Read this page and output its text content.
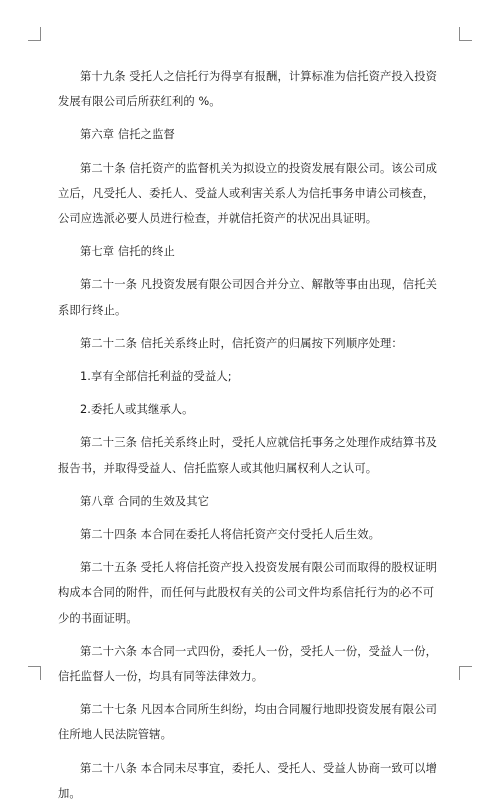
第十九条 受托人之信托行为得享有报酬，计算标准为信托资产投入投资发展有限公司后所获红利的 %。

第六章 信托之监督

第二十条 信托资产的监督机关为拟设立的投资发展有限公司。该公司成立后，凡受托人、委托人、受益人或利害关系人为信托事务申请公司核查，公司应选派必要人员进行检查，并就信托资产的状况出具证明。

第七章 信托的终止

第二十一条 凡投资发展有限公司因合并分立、解散等事由出现，信托关系即行终止。

第二十二条 信托关系终止时，信托资产的归属按下列顺序处理：

1.享有全部信托利益的受益人;

2.委托人或其继承人。

第二十三条 信托关系终止时，受托人应就信托事务之处理作成结算书及报告书，并取得受益人、信托监察人或其他归属权利人之认可。

第八章 合同的生效及其它

第二十四条 本合同在委托人将信托资产交付受托人后生效。

第二十五条 受托人将信托资产投入投资发展有限公司而取得的股权证明构成本合同的附件，而任何与此股权有关的公司文件均系信托行为的必不可少的书面证明。

第二十六条 本合同一式四份，委托人一份，受托人一份，受益人一份，信托监督人一份，均具有同等法律效力。

第二十七条 凡因本合同所生纠纷，均由合同履行地即投资发展有限公司住所地人民法院管辖。

第二十八条 本合同未尽事宜，委托人、受托人、受益人协商一致可以增加。
